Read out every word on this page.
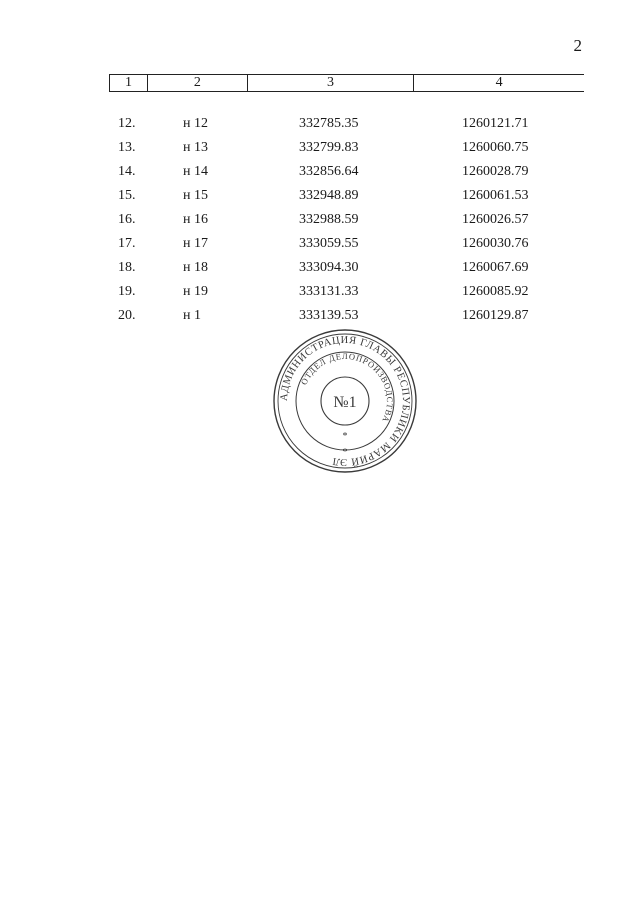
2
1	2	3	4
12.	н 12	332785.35	1260121.71
13.	н 13	332799.83	1260060.75
14.	н 14	332856.64	1260028.79
15.	н 15	332948.89	1260061.53
16.	н 16	332988.59	1260026.57
17.	н 17	333059.55	1260030.76
18.	н 18	333094.30	1260067.69
19.	н 19	333131.33	1260085.92
20.	н 1	333139.53	1260129.87
АДМИНИСТРАЦИЯ ГЛАВЫ РЕСПУБЛИКИ МАРИЙ ЭЛ
ОТДЕЛ ДЕЛОПРОИЗВОДСТВА
№1
*
*
